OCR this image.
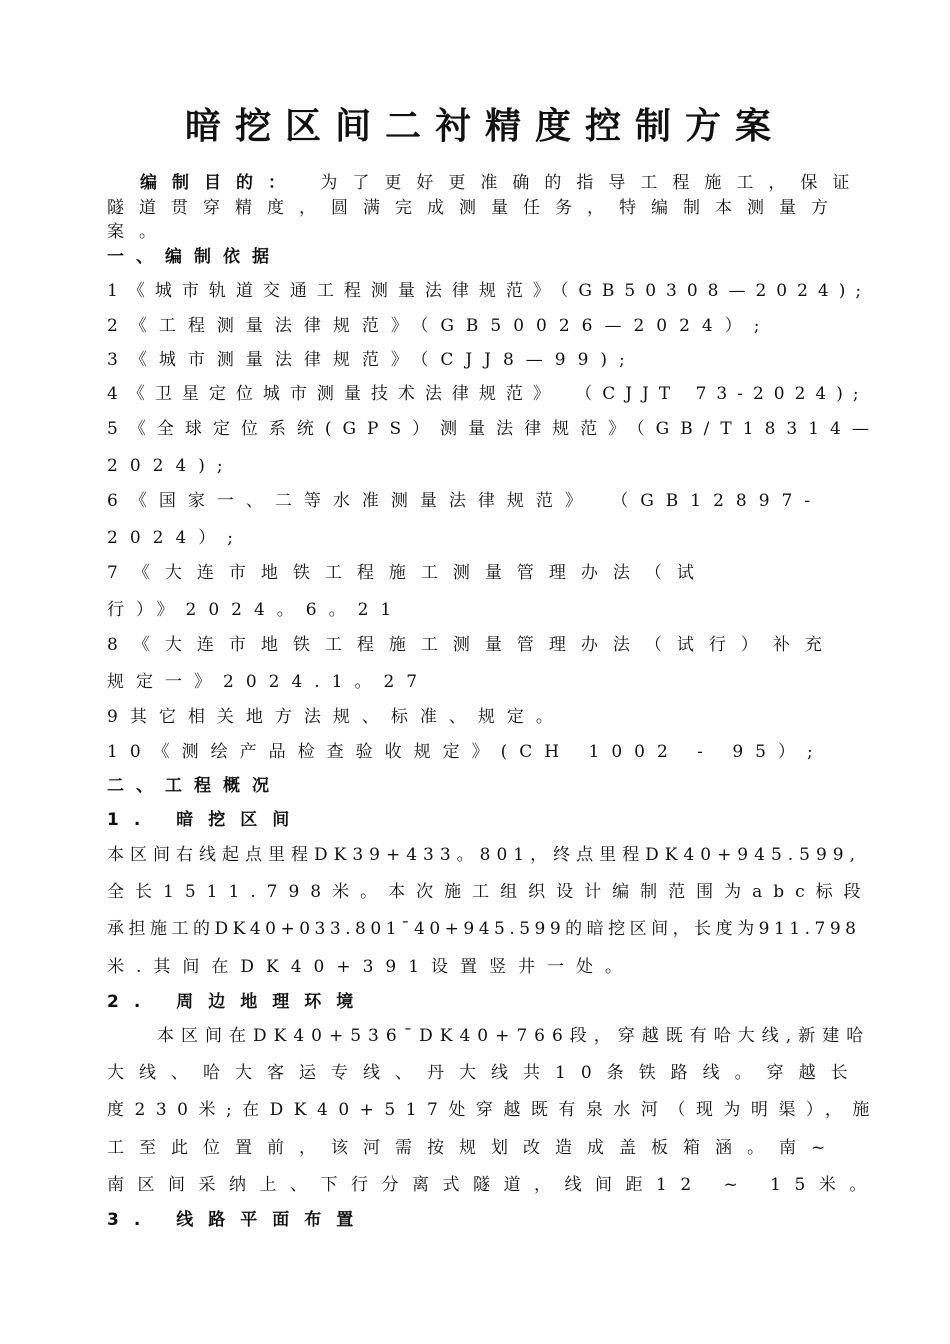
暗挖区间二衬精度控制方案

编制目的： 为了更好更准确的指导工程施工，保证

隧道贯穿精度，圆满完成测量任务，特编制本测量方

案。

一、编制依据

1《城市轨道交通工程测量法律规范》（GB50308—2024);

2《工程测量法律规范》（GB50026—2024）;

3《城市测量法律规范》（CJJ8—99);

4《卫星定位城市测量技术法律规范》 （CJJT 73-2024);

5《全球定位系统(GPS）测量法律规范》（GB/T18314—

2024);

6《国家一、二等水准测量法律规范》 （GB12897-

2024）;

7《大连市地铁工程施工测量管理办法（试

行）》2024。6。21

8《大连市地铁工程施工测量管理办法（试行）补充

规定一》2024.1。27

9其它相关地方法规、标准、规定。

10《测绘产品检查验收规定》(CH 1002 - 95）;

二、工程概况

1. 暗挖区间

本区间右线起点里程DK39+433。801，终点里程DK40+945.599,

全长1511.798米。本次施工组织设计编制范围为abc标段

承担施工的DK40+033.801¯40+945.599的暗挖区间，长度为911.798

米.其间在DK40+391设置竖井一处。

2. 周边地理环境

本区间在DK40+536¯DK40+766段，穿越既有哈大线,新建哈

大线、哈大客运专线、丹大线共10条铁路线。穿越长

度230米;在DK40+517处穿越既有泉水河（现为明渠），施

工至此位置前，该河需按规划改造成盖板箱涵。南~

南区间采纳上、下行分离式隧道，线间距12 ~ 15米。

3. 线路平面布置
